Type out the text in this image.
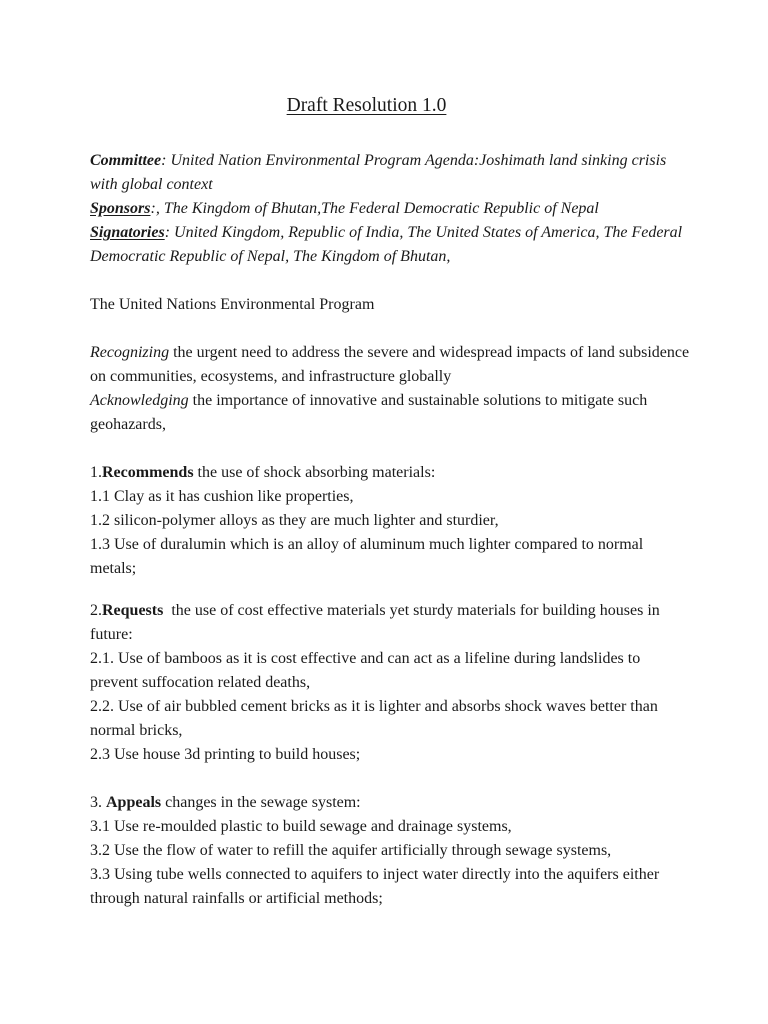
Draft Resolution 1.0

Committee: United Nation Environmental Program Agenda:Joshimath land sinking crisis with global context

Sponsors:, The Kingdom of Bhutan,The Federal Democratic Republic of Nepal

Signatories: United Kingdom, Republic of India, The United States of America, The Federal Democratic Republic of Nepal, The Kingdom of Bhutan,

The United Nations Environmental Program

Recognizing the urgent need to address the severe and widespread impacts of land subsidence on communities, ecosystems, and infrastructure globally

Acknowledging the importance of innovative and sustainable solutions to mitigate such geohazards,

1.Recommends the use of shock absorbing materials:

1.1 Clay as it has cushion like properties,

1.2 silicon-polymer alloys as they are much lighter and sturdier,

1.3 Use of duralumin which is an alloy of aluminum much lighter compared to normal metals;

2.Requests  the use of cost effective materials yet sturdy materials for building houses in future:

2.1. Use of bamboos as it is cost effective and can act as a lifeline during landslides to prevent suffocation related deaths,

2.2. Use of air bubbled cement bricks as it is lighter and absorbs shock waves better than normal bricks,

2.3 Use house 3d printing to build houses;

3. Appeals changes in the sewage system:

3.1 Use re-moulded plastic to build sewage and drainage systems,

3.2 Use the flow of water to refill the aquifer artificially through sewage systems,

3.3 Using tube wells connected to aquifers to inject water directly into the aquifers either through natural rainfalls or artificial methods;
